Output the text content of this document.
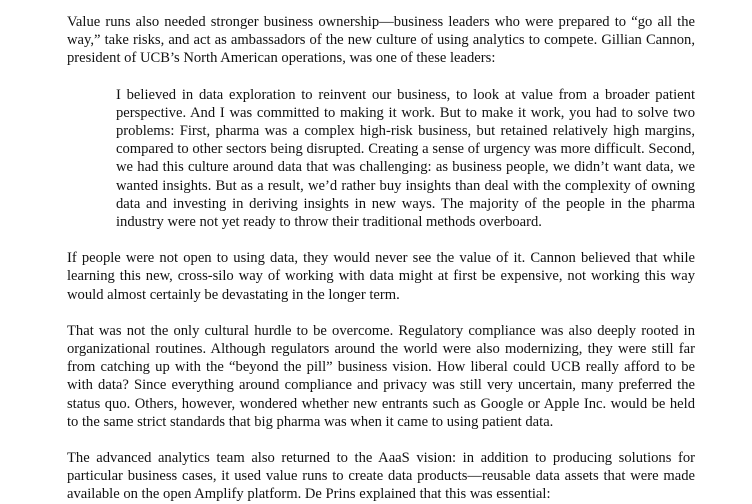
Value runs also needed stronger business ownership—business leaders who were prepared to “go all the way,” take risks, and act as ambassadors of the new culture of using analytics to compete. Gillian Cannon, president of UCB’s North American operations, was one of these leaders:

I believed in data exploration to reinvent our business, to look at value from a broader patient perspective. And I was committed to making it work. But to make it work, you had to solve two problems: First, pharma was a complex high-risk business, but retained relatively high margins, compared to other sectors being disrupted. Creating a sense of urgency was more difficult. Second, we had this culture around data that was challenging: as business people, we didn’t want data, we wanted insights. But as a result, we’d rather buy insights than deal with the complexity of owning data and investing in deriving insights in new ways. The majority of the people in the pharma industry were not yet ready to throw their traditional methods overboard.

If people were not open to using data, they would never see the value of it. Cannon believed that while learning this new, cross-silo way of working with data might at first be expensive, not working this way would almost certainly be devastating in the longer term.

That was not the only cultural hurdle to be overcome. Regulatory compliance was also deeply rooted in organizational routines. Although regulators around the world were also modernizing, they were still far from catching up with the “beyond the pill” business vision. How liberal could UCB really afford to be with data? Since everything around compliance and privacy was still very uncertain, many preferred the status quo. Others, however, wondered whether new entrants such as Google or Apple Inc. would be held to the same strict standards that big pharma was when it came to using patient data.

The advanced analytics team also returned to the AaaS vision: in addition to producing solutions for particular business cases, it used value runs to create data products—reusable data assets that were made available on the open Amplify platform. De Prins explained that this was essential:
